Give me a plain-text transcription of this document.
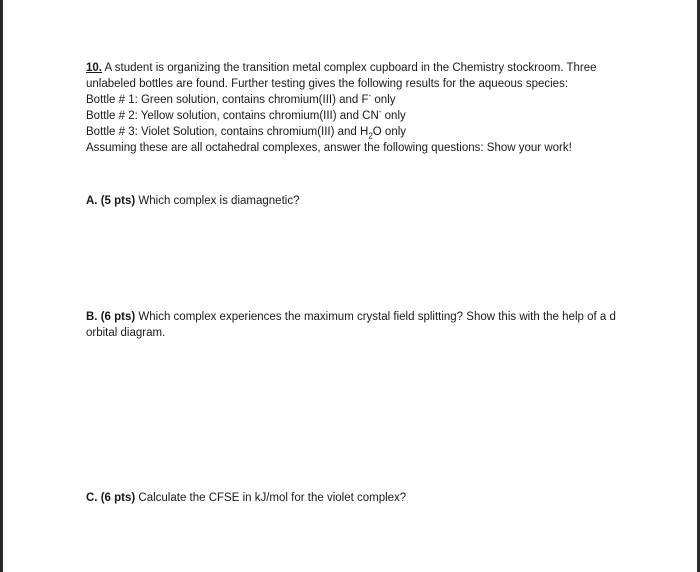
10. A student is organizing the transition metal complex cupboard in the Chemistry stockroom. Three unlabeled bottles are found. Further testing gives the following results for the aqueous species:

Bottle # 1: Green solution, contains chromium(III) and F- only

Bottle # 2: Yellow solution, contains chromium(III) and CN- only

Bottle # 3: Violet Solution, contains chromium(III) and $H_2O$ only

Assuming these are all octahedral complexes, answer the following questions: Show your work!

A. (5 pts) Which complex is diamagnetic?

B. (6 pts) Which complex experiences the maximum crystal field splitting? Show this with the help of a d orbital diagram.

C. (6 pts) Calculate the CFSE in kJ/mol for the violet complex?
